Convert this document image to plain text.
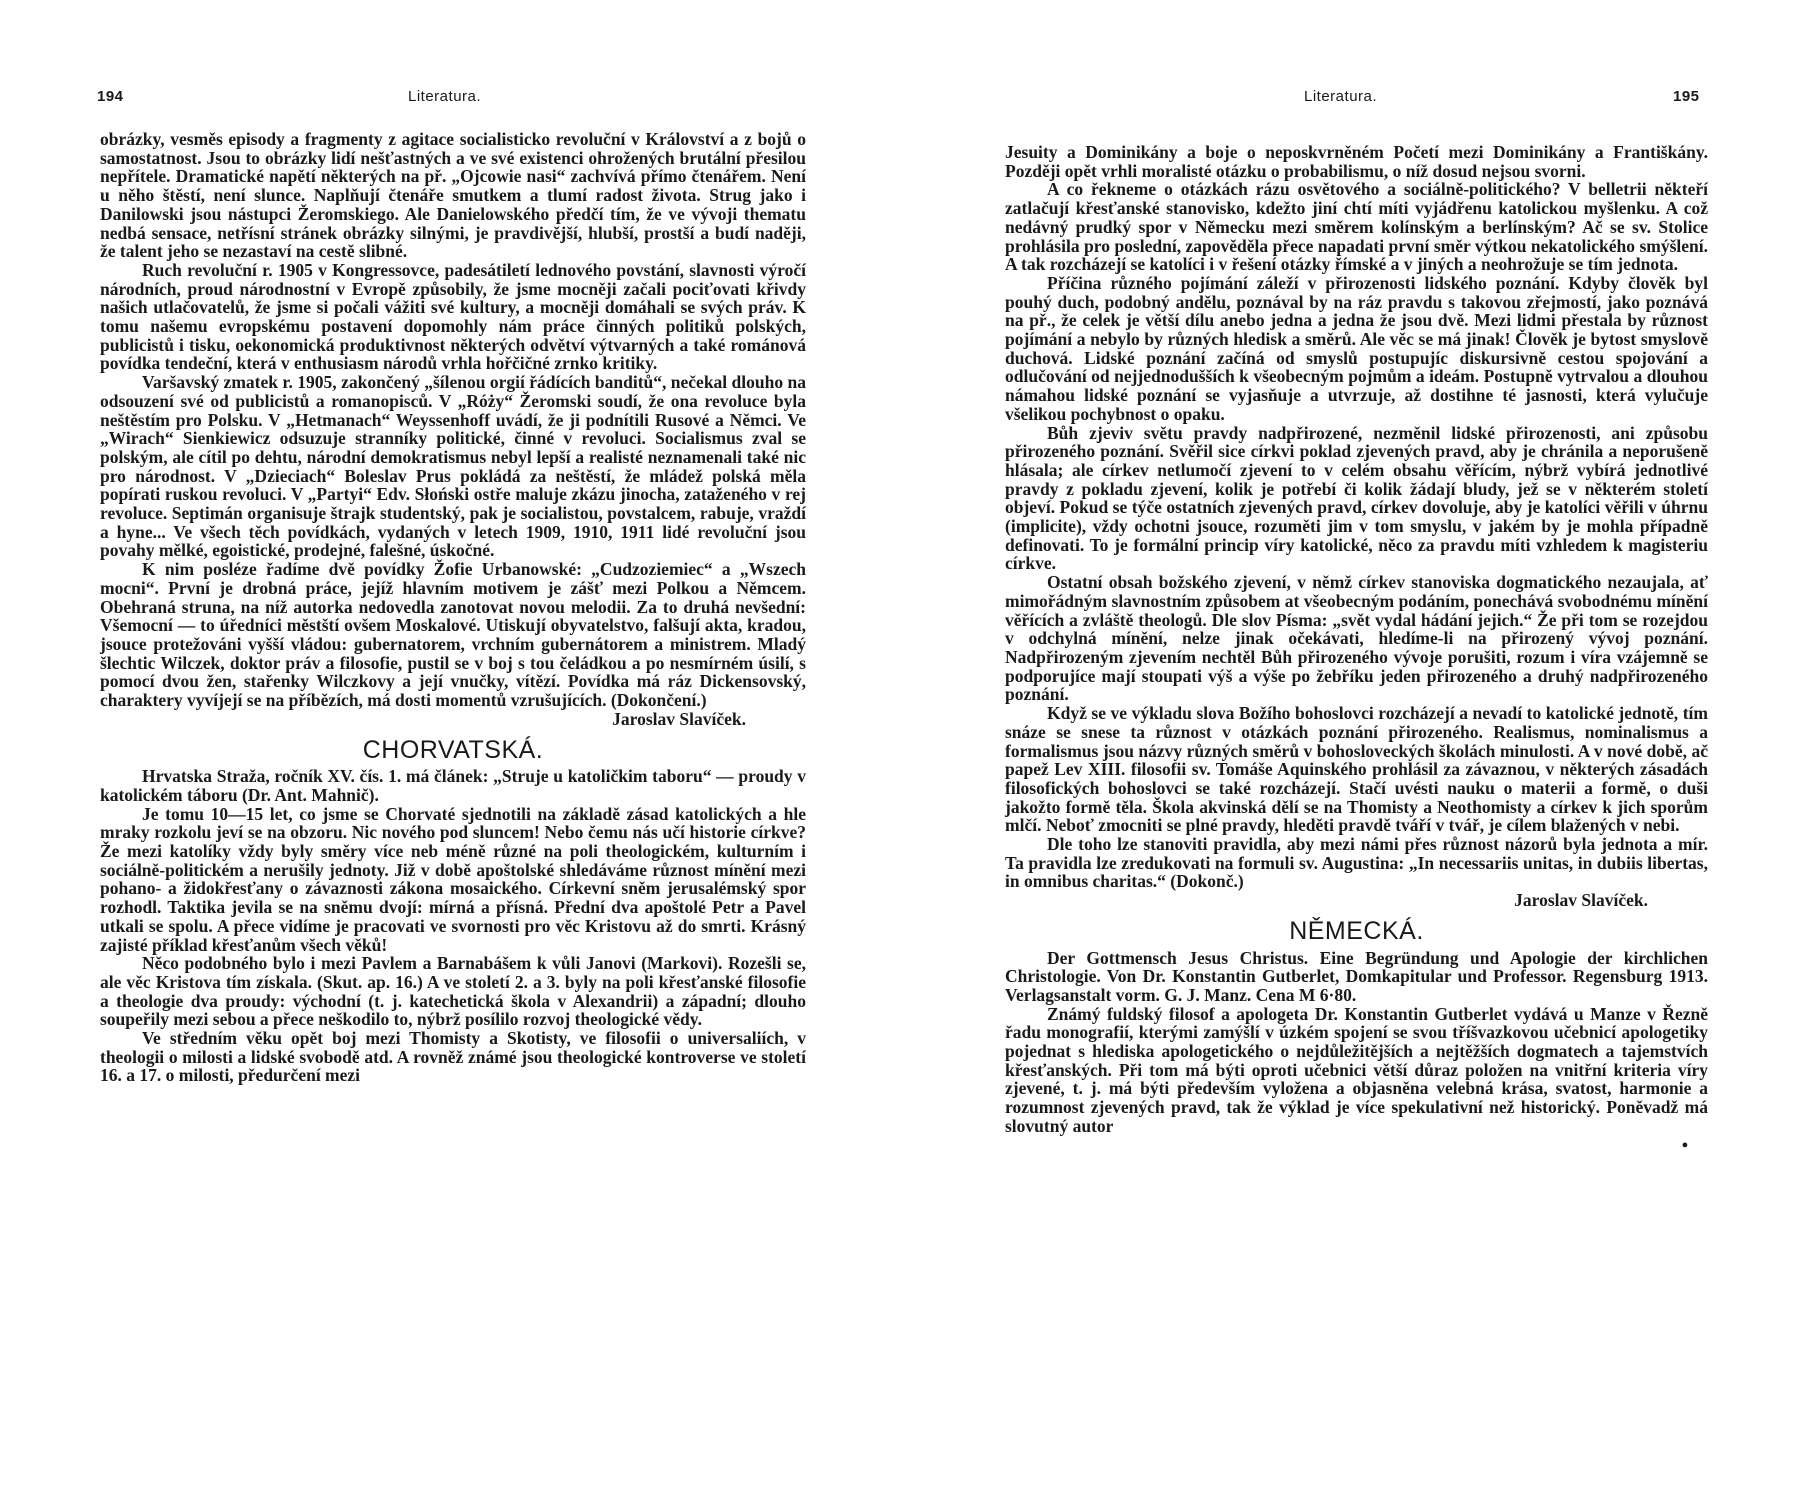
194	Literatura.

obrázky, vesměs episody a fragmenty z agitace socialisticko revoluční v Království a z bojů o samostatnost. Jsou to obrázky lidí nešťastných a ve své existenci ohrožených brutální přesilou nepřítele. Dramatické napětí některých na př. „Ojcowie nasi“ zachvívá přímo čtenářem. Není u něho štěstí, není slunce. Naplňují čtenáře smutkem a tlumí radost života. Strug jako i Danilowski jsou nástupci Žeromskiego. Ale Danielowského předčí tím, že ve vývoji thematu nedbá sensace, netřísní stránek obrázky silnými, je pravdivější, hlubší, prostší a budí naději, že talent jeho se nezastaví na cestě slibné.

Ruch revoluční r. 1905 v Kongressovce, padesátiletí lednového povstání, slavnosti výročí národních, proud národnostní v Evropě způsobily, že jsme mocněji začali pociťovati křivdy našich utlačovatelů, že jsme si počali vážiti své kultury, a mocněji domáhali se svých práv. K tomu našemu evropskému postavení dopomohly nám práce činných politiků polských, publicistů i tisku, oekonomická produktivnost některých odvětví výtvarných a také románová povídka tendeční, která v enthusiasm národů vrhla hořčičné zrnko kritiky.

Varšavský zmatek r. 1905, zakončený „šílenou orgií řádících banditů“, nečekal dlouho na odsouzení své od publicistů a romanopisců. V „Róży“ Žeromski soudí, že ona revoluce byla neštěstím pro Polsku. V „Hetmanach“ Weyssenhoff uvádí, že ji podnítili Rusové a Němci. Ve „Wirach“ Sienkiewicz odsuzuje stranníky politické, činné v revoluci. Socialismus zval se polským, ale cítil po dehtu, národní demokratismus nebyl lepší a realisté neznamenali také nic pro národnost. V „Dzieciach“ Boleslav Prus pokládá za neštěstí, že mládež polská měla popírati ruskou revoluci. V „Partyi“ Edv. Słoński ostře maluje zkázu jinocha, zataženého v rej revoluce. Septimán organisuje štrajk studentský, pak je socialistou, povstalcem, rabuje, vraždí a hyne... Ve všech těch povídkách, vydaných v letech 1909, 1910, 1911 lidé revoluční jsou povahy mělké, egoistické, prodejné, falešné, úskočné.

K nim posléze řadíme dvě povídky Žofie Urbanowské: „Cudzoziemiec“ a „Wszech mocni“. První je drobná práce, jejíž hlavním motivem je zášť mezi Polkou a Němcem. Obehraná struna, na níž autorka nedovedla zanotovat novou melodii. Za to druhá nevšední: Všemocní — to úředníci městští ovšem Moskalové. Utiskují obyvatelstvo, falšují akta, kradou, jsouce protežováni vyšší vládou: gubernatorem, vrchním gubernátorem a ministrem. Mladý šlechtic Wilczek, doktor práv a filosofie, pustil se v boj s tou čeládkou a po nesmírném úsilí, s pomocí dvou žen, stařenky Wilczkovy a její vnučky, vítězí. Povídka má ráz Dickensovský, charaktery vyvíjejí se na příbězích, má dosti momentů vzrušujících. (Dokončení.)

Jaroslav Slavíček.

CHORVATSKÁ.

Hrvatska Straža, ročník XV. čís. 1. má článek: „Struje u katoličkim taboru“ — proudy v katolickém táboru (Dr. Ant. Mahnič).

Je tomu 10—15 let, co jsme se Chorvaté sjednotili na základě zásad katolických a hle mraky rozkolu jeví se na obzoru. Nic nového pod sluncem! Nebo čemu nás učí historie církve? Že mezi katolíky vždy byly směry více neb méně různé na poli theologickém, kulturním i sociálně-politickém a nerušily jednoty. Již v době apoštolské shledáváme různost mínění mezi pohano- a židokřesťany o závaznosti zákona mosaického. Církevní sněm jerusalémský spor rozhodl. Taktika jevila se na sněmu dvojí: mírná a přísná. Přední dva apoštolé Petr a Pavel utkali se spolu. A přece vidíme je pracovati ve svornosti pro věc Kristovu až do smrti. Krásný zajisté příklad křesťanům všech věků!

Něco podobného bylo i mezi Pavlem a Barnabášem k vůli Janovi (Markovi). Rozešli se, ale věc Kristova tím získala. (Skut. ap. 16.) A ve století 2. a 3. byly na poli křesťanské filosofie a theologie dva proudy: východní (t. j. katechetická škola v Alexandrii) a západní; dlouho soupeřily mezi sebou a přece neškodilo to, nýbrž posílilo rozvoj theologické vědy.

Ve středním věku opět boj mezi Thomisty a Skotisty, ve filosofii o universaliích, v theologii o milosti a lidské svobodě atd. A rovněž známé jsou theologické kontroverse ve století 16. a 17. o milosti, předurčení mezi

Literatura.	195

Jesuity a Dominikány a boje o neposkvrněném Početí mezi Dominikány a Františkány. Později opět vrhli moralisté otázku o probabilismu, o níž dosud nejsou svorni.

A co řekneme o otázkách rázu osvětového a sociálně-politického? V belletrii někteří zatlačují křesťanské stanovisko, kdežto jiní chtí míti vyjádřenu katolickou myšlenku. A což nedávný prudký spor v Německu mezi směrem kolínským a berlínským? Ač se sv. Stolice prohlásila pro poslední, zapověděla přece napadati první směr výtkou nekatolického smýšlení. A tak rozcházejí se katolíci i v řešení otázky římské a v jiných a neohrožuje se tím jednota.

Příčina různého pojímání záleží v přirozenosti lidského poznání. Kdyby člověk byl pouhý duch, podobný andělu, poznával by na ráz pravdu s takovou zřejmostí, jako poznává na př., že celek je větší dílu anebo jedna a jedna že jsou dvě. Mezi lidmi přestala by různost pojímání a nebylo by různých hledisk a směrů. Ale věc se má jinak! Člověk je bytost smyslově duchová. Lidské poznání začíná od smyslů postupujíc diskursivně cestou spojování a odlučování od nejjednodušších k všeobecným pojmům a ideám. Postupně vytrvalou a dlouhou námahou lidské poznání se vyjasňuje a utvrzuje, až dostihne té jasnosti, která vylučuje všelikou pochybnost o opaku.

Bůh zjeviv světu pravdy nadpřirozené, nezměnil lidské přirozenosti, ani způsobu přirozeného poznání. Svěřil sice církvi poklad zjevených pravd, aby je chránila a neporušeně hlásala; ale církev netlumočí zjevení to v celém obsahu věřícím, nýbrž vybírá jednotlivé pravdy z pokladu zjevení, kolik je potřebí či kolik žádají bludy, jež se v některém století objeví. Pokud se týče ostatních zjevených pravd, církev dovoluje, aby je katolíci věřili v úhrnu (implicite), vždy ochotni jsouce, rozuměti jim v tom smyslu, v jakém by je mohla případně definovati. To je formální princip víry katolické, něco za pravdu míti vzhledem k magisteriu církve.

Ostatní obsah božského zjevení, v němž církev stanoviska dogmatického nezaujala, ať mimořádným slavnostním způsobem at všeobecným podáním, ponechává svobodnému mínění věřících a zvláště theologů. Dle slov Písma: „svět vydal hádání jejich.“ Že při tom se rozejdou v odchylná mínění, nelze jinak očekávati, hledíme-li na přirozený vývoj poznání. Nadpřirozeným zjevením nechtěl Bůh přirozeného vývoje porušiti, rozum i víra vzájemně se podporujíce mají stoupati výš a výše po žebříku jeden přirozeného a druhý nadpřirozeného poznání.

Když se ve výkladu slova Božího bohoslovci rozcházejí a nevadí to katolické jednotě, tím snáze se snese ta různost v otázkách poznání přirozeného. Realismus, nominalismus a formalismus jsou názvy různých směrů v bohosloveckých školách minulosti. A v nové době, ač papež Lev XIII. filosofii sv. Tomáše Aquinského prohlásil za závaznou, v některých zásadách filosofických bohoslovci se také rozcházejí. Stačí uvésti nauku o materii a formě, o duši jakožto formě těla. Škola akvinská dělí se na Thomisty a Neothomisty a církev k jich sporům mlčí. Neboť zmocniti se plné pravdy, hleděti pravdě tváří v tvář, je cílem blažených v nebi.

Dle toho lze stanoviti pravidla, aby mezi námi přes různost názorů byla jednota a mír. Ta pravidla lze zredukovati na formuli sv. Augustina: „In necessariis unitas, in dubiis libertas, in omnibus charitas.“ (Dokonč.)

Jaroslav Slavíček.

NĚMECKÁ.

Der Gottmensch Jesus Christus. Eine Begründung und Apologie der kirchlichen Christologie. Von Dr. Konstantin Gutberlet, Domkapitular und Professor. Regensburg 1913. Verlagsanstalt vorm. G. J. Manz. Cena M 6·80.

Známý fuldský filosof a apologeta Dr. Konstantin Gutberlet vydává u Manze v Řezně řadu monografií, kterými zamýšlí v úzkém spojení se svou tříšvazkovou učebnicí apologetiky pojednat s hlediska apologetického o nejdůležitějších a nejtěžších dogmatech a tajemstvích křesťanských. Při tom má býti oproti učebnici větší důraz položen na vnitřní kriteria víry zjevené, t. j. má býti především vyložena a objasněna velebná krása, svatost, harmonie a rozumnost zjevených pravd, tak že výklad je více spekulativní než historický. Poněvadž má slovutný autor

•
